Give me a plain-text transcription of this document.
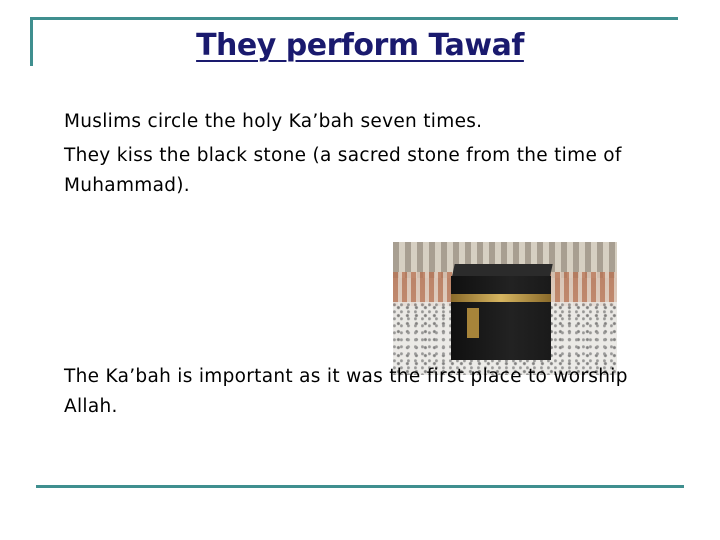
They perform Tawaf
Muslims circle the holy Ka’bah seven times.
They kiss the black stone (a sacred stone from the time of Muhammad).
The Ka’bah is important as it was the first place to worship Allah.
